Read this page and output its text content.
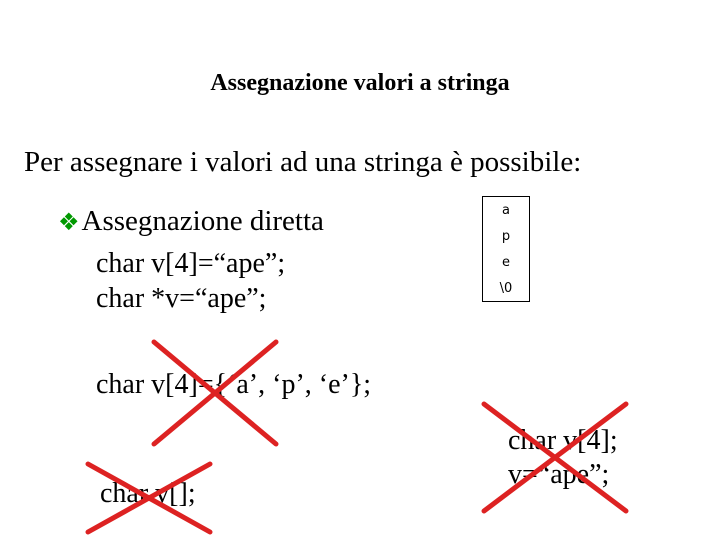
Assegnazione valori a stringa
Per assegnare i valori ad una stringa è possibile:
❖Assegnazione diretta
char v[4]=“ape”;
char *v=“ape”;
char v[4]={‘a’, ‘p’, ‘e’};
char v[];
char v[4];
v=“ape”;
a
p
e
\0
